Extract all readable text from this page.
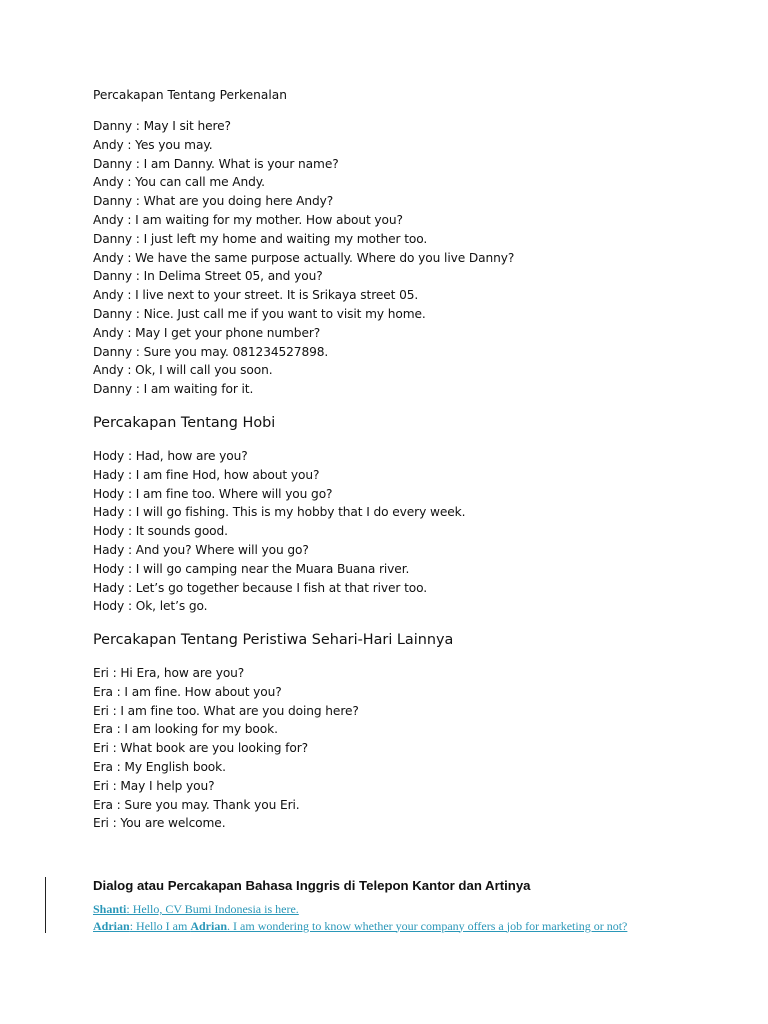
Percakapan Tentang Perkenalan
Danny : May I sit here?
Andy : Yes you may.
Danny : I am Danny. What is your name?
Andy : You can call me Andy.
Danny : What are you doing here Andy?
Andy : I am waiting for my mother. How about you?
Danny : I just left my home and waiting my mother too.
Andy : We have the same purpose actually. Where do you live Danny?
Danny : In Delima Street 05, and you?
Andy : I live next to your street. It is Srikaya street 05.
Danny : Nice. Just call me if you want to visit my home.
Andy : May I get your phone number?
Danny : Sure you may. 081234527898.
Andy : Ok, I will call you soon.
Danny : I am waiting for it.
Percakapan Tentang Hobi
Hody : Had, how are you?
Hady : I am fine Hod, how about you?
Hody : I am fine too. Where will you go?
Hady : I will go fishing. This is my hobby that I do every week.
Hody : It sounds good.
Hady : And you? Where will you go?
Hody : I will go camping near the Muara Buana river.
Hady : Let’s go together because I fish at that river too.
Hody : Ok, let’s go.
Percakapan Tentang Peristiwa Sehari-Hari Lainnya
Eri : Hi Era, how are you?
Era : I am fine. How about you?
Eri : I am fine too. What are you doing here?
Era : I am looking for my book.
Eri : What book are you looking for?
Era : My English book.
Eri : May I help you?
Era : Sure you may. Thank you Eri.
Eri : You are welcome.
Dialog atau Percakapan Bahasa Inggris di Telepon Kantor dan Artinya
Shanti: Hello, CV Bumi Indonesia is here.
Adrian: Hello I am Adrian. I am wondering to know whether your company offers a job for marketing or not?
